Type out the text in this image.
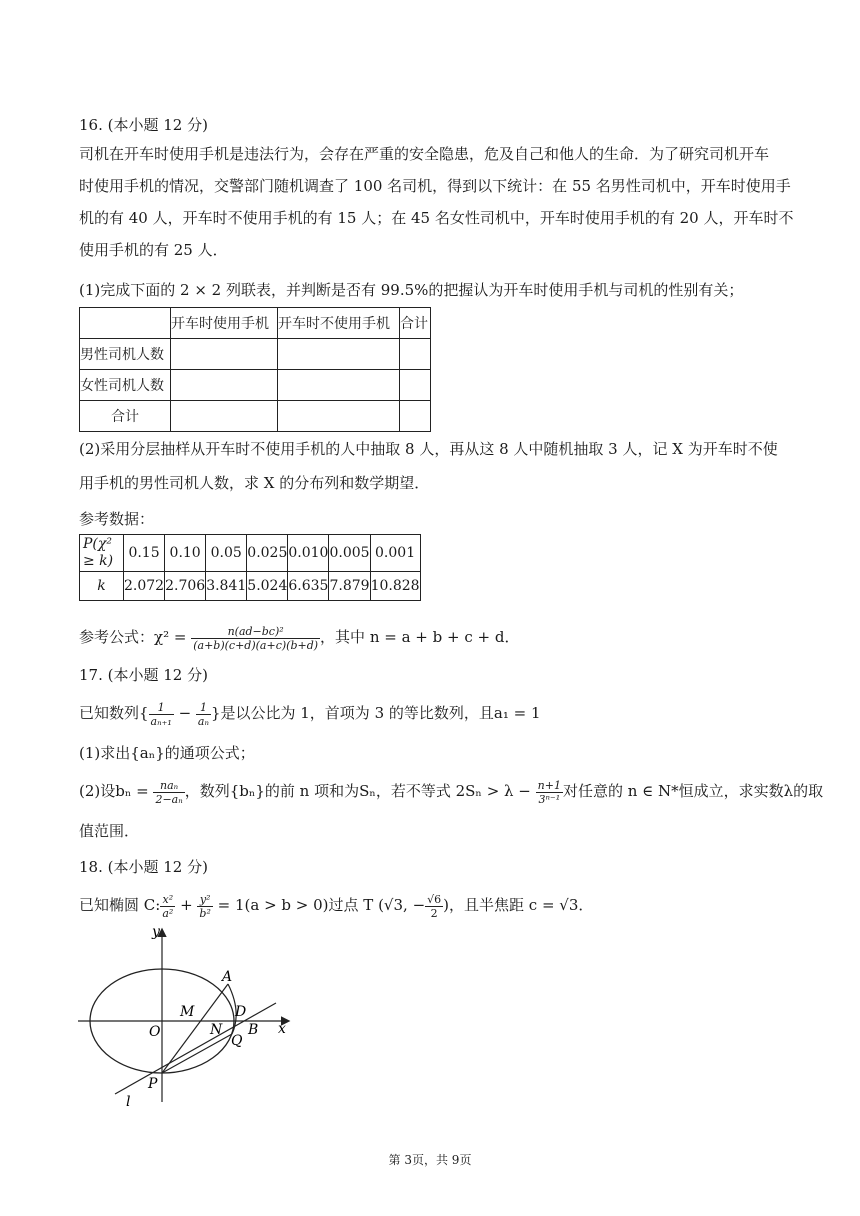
16. (本小题 12 分)
司机在开车时使用手机是违法行为，会存在严重的安全隐患，危及自己和他人的生命．为了研究司机开车
时使用手机的情况，交警部门随机调查了 100 名司机，得到以下统计：在 55 名男性司机中，开车时使用手
机的有 40 人，开车时不使用手机的有 15 人；在 45 名女性司机中，开车时使用手机的有 20 人，开车时不
使用手机的有 25 人．
(1)完成下面的 2 × 2 列联表，并判断是否有 99.5%的把握认为开车时使用手机与司机的性别有关；
	开车时使用手机	开车时不使用手机	合计
男性司机人数			
女性司机人数			
合计			
(2)采用分层抽样从开车时不使用手机的人中抽取 8 人，再从这 8 人中随机抽取 3 人，记 X 为开车时不使
用手机的男性司机人数，求 X 的分布列和数学期望．
参考数据：
P(χ²
≥ k)	0.15	0.10	0.05	0.025	0.010	0.005	0.001
k	2.072	2.706	3.841	5.024	6.635	7.879	10.828
参考公式：$\chi^2 = \frac{\text{n(ad−bc)²}}{(a+b)(c+d)(a+c)(b+d)}$ ，其中 n = a + b + c + d．
17. (本小题 12 分)
已知数列{ $\frac{1}{\text{aₙ₊₁}} - \frac{1}{\text{aₙ}}$ }是以公比为 1，首项为 3 的等比数列，且a₁ = 1
(1)求出{aₙ}的通项公式；
(2)设$b_n = \frac{\text{naₙ}}{\text{2−aₙ}}$ ，数列{bₙ}的前 n 项和为Sₙ，若不等式 $2S_n > \lambda - \frac{n+1}{\text{3ⁿ⁻¹}}$ 对任意的 n ∈ N*恒成立，求实数λ的取
值范围．
18. (本小题 12 分)
已知椭圆 C: $\frac{\text{x²}}{\text{a²}} + \frac{\text{y²}}{\text{b²}} = 1(a > b > 0)$过点 T (√3, − $\frac{√6}{2}$ )，且半焦距 c = √3．
y
x
A
M	D
O	N B
Q
P
l
第 3页，共 9页
